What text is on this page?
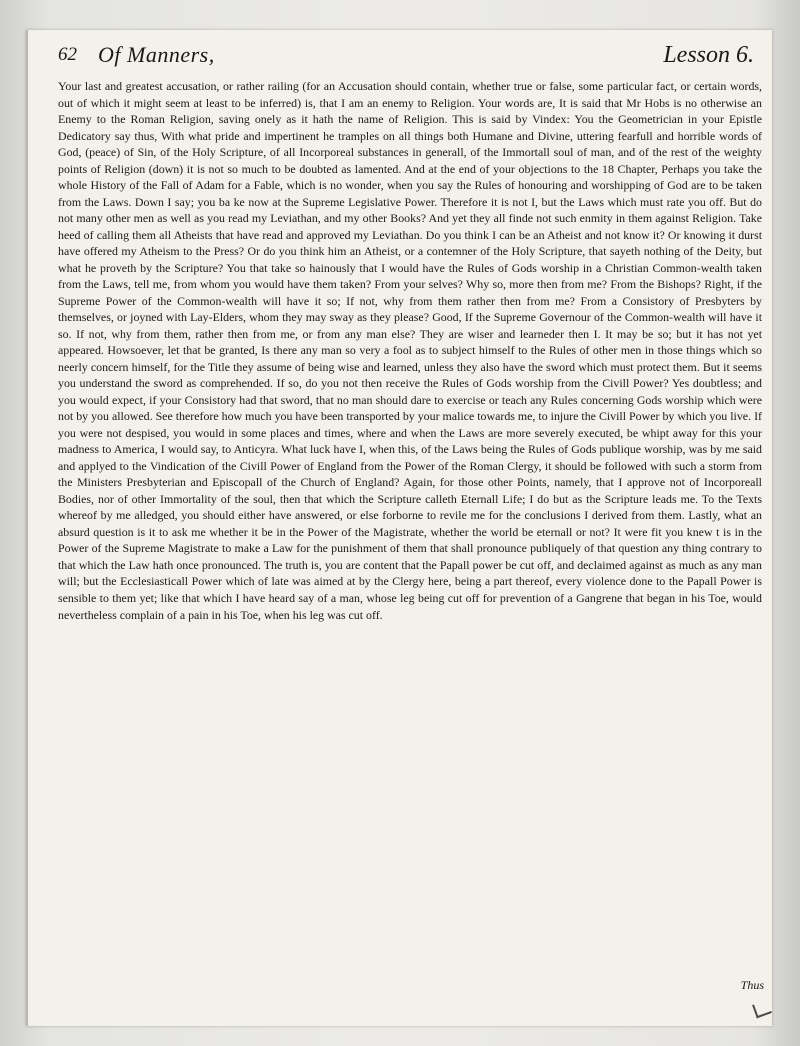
62 Of Manners,	Lesson 6.

Your last and greatest accusation, or rather railing (for an Accusation should contain, whether true or false, some particular fact, or certain words, out of which it might seem at least to be inferred) is, that I am an enemy to Religion. Your words are, It is said that Mr Hobs is no otherwise an Enemy to the Roman Religion, saving onely as it hath the name of Religion. This is said by Vindex: You the Geometrician in your Epistle Dedicatory say thus, With what pride and impertinent he tramples on all things both Humane and Divine, uttering fearfull and horrible words of God, (peace) of Sin, of the Holy Scripture, of all Incorporeal substances in generall, of the Immortall soul of man, and of the rest of the weighty points of Religion (down) it is not so much to be doubted as lamented. And at the end of your objections to the 18 Chapter, Perhaps you take the whole History of the Fall of Adam for a Fable, which is no wonder, when you say the Rules of honouring and worshipping of God are to be taken from the Laws. Down I say; you ba ke now at the Supreme Legislative Power. Therefore it is not I, but the Laws which must rate you off. But do not many other men as well as you read my Leviathan, and my other Books? And yet they all finde not such enmity in them against Religion. Take heed of calling them all Atheists that have read and approved my Leviathan. Do you think I can be an Atheist and not know it? Or knowing it durst have offered my Atheism to the Press? Or do you think him an Atheist, or a contemner of the Holy Scripture, that sayeth nothing of the Deity, but what he proveth by the Scripture? You that take so hainously that I would have the Rules of Gods worship in a Christian Common-wealth taken from the Laws, tell me, from whom you would have them taken? From your selves? Why so, more then from me? From the Bishops? Right, if the Supreme Power of the Common-wealth will have it so; If not, why from them rather then from me? From a Consistory of Presbyters by themselves, or joyned with Lay-Elders, whom they may sway as they please? Good, If the Supreme Governour of the Common-wealth will have it so. If not, why from them, rather then from me, or from any man else? They are wiser and learneder then I. It may be so; but it has not yet appeared. Howsoever, let that be granted, Is there any man so very a fool as to subject himself to the Rules of other men in those things which so neerly concern himself, for the Title they assume of being wise and learned, unless they also have the sword which must protect them. But it seems you understand the sword as comprehended. If so, do you not then receive the Rules of Gods worship from the Civill Power? Yes doubtless; and you would expect, if your Consistory had that sword, that no man should dare to exercise or teach any Rules concerning Gods worship which were not by you allowed. See therefore how much you have been transported by your malice towards me, to injure the Civill Power by which you live. If you were not despised, you would in some places and times, where and when the Laws are more severely executed, be whipt away for this your madness to America, I would say, to Anticyra. What luck have I, when this, of the Laws being the Rules of Gods publique worship, was by me said and applyed to the Vindication of the Civill Power of England from the Power of the Roman Clergy, it should be followed with such a storm from the Ministers Presbyterian and Episcopall of the Church of England? Again, for those other Points, namely, that I approve not of Incorporeall Bodies, nor of other Immortality of the soul, then that which the Scripture calleth Eternall Life; I do but as the Scripture leads me. To the Texts whereof by me alledged, you should either have answered, or else forborne to revile me for the conclusions I derived from them. Lastly, what an absurd question is it to ask me whether it be in the Power of the Magistrate, whether the world be eternall or not? It were fit you knew t is in the Power of the Supreme Magistrate to make a Law for the punishment of them that shall pronounce publiquely of that question any thing contrary to that which the Law hath once pronounced. The truth is, you are content that the Papall power be cut off, and declaimed against as much as any man will; but the Ecclesiasticall Power which of late was aimed at by the Clergy here, being a part thereof, every violence done to the Papall Power is sensible to them yet; like that which I have heard say of a man, whose leg being cut off for prevention of a Gangrene that began in his Toe, would nevertheless complain of a pain in his Toe, when his leg was cut off.

Thus
